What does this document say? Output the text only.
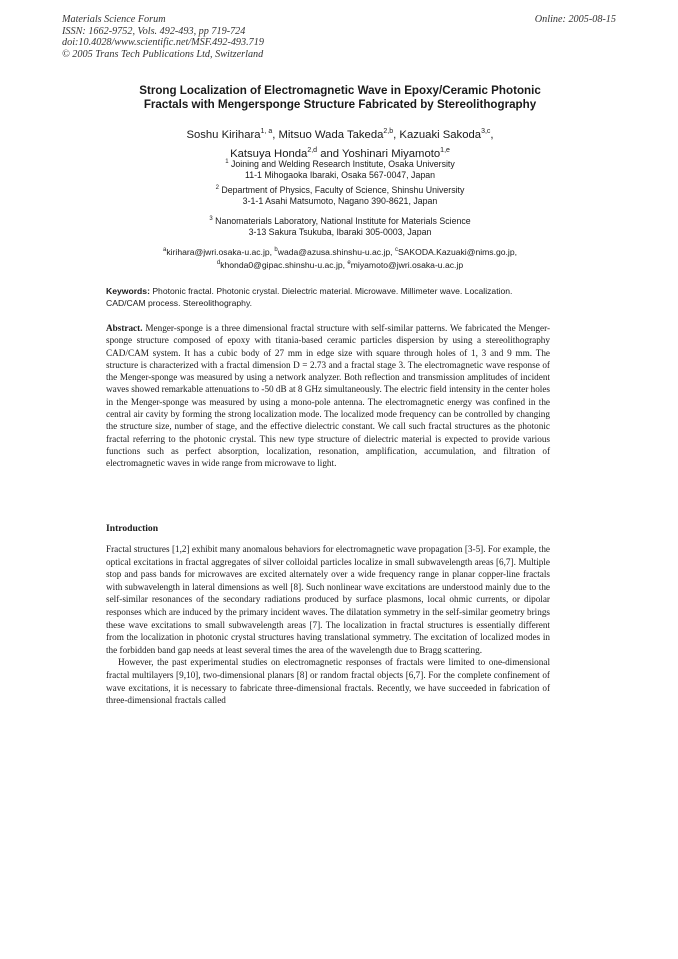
Materials Science Forum
ISSN: 1662-9752, Vols. 492-493, pp 719-724
doi:10.4028/www.scientific.net/MSF.492-493.719
© 2005 Trans Tech Publications Ltd, Switzerland
Online: 2005-08-15
Strong Localization of Electromagnetic Wave in Epoxy/Ceramic Photonic
Fractals with Mengersponge Structure Fabricated by Stereolithography
Soshu Kirihara$^{1, a}$, Mitsuo Wada Takeda$^{2,b}$, Kazuaki Sakoda$^{3,c}$,
Katsuya Honda$^{2,d}$ and Yoshinari Miyamoto$^{1,e}$
$^1$ Joining and Welding Research Institute, Osaka University
11-1 Mihogaoka Ibaraki, Osaka 567-0047, Japan
$^2$ Department of Physics, Faculty of Science, Shinshu University
3-1-1 Asahi Matsumoto, Nagano 390-8621, Japan
$^3$ Nanomaterials Laboratory, National Institute for Materials Science
3-13 Sakura Tsukuba, Ibaraki 305-0003, Japan
$^a$kirihara@jwri.osaka-u.ac.jp, $^b$wada@azusa.shinshu-u.ac.jp, $^c$SAKODA.Kazuaki@nims.go.jp,
$^d$khonda0@gipac.shinshu-u.ac.jp, $^e$miyamoto@jwri.osaka-u.ac.jp
Keywords: Photonic fractal. Photonic crystal. Dielectric material. Microwave. Millimeter wave. Localization. CAD/CAM process. Stereolithography.
Abstract. Menger-sponge is a three dimensional fractal structure with self-similar patterns. We fabricated the Menger-sponge structure composed of epoxy with titania-based ceramic particles dispersion by using a stereolithography CAD/CAM system. It has a cubic body of 27 mm in edge size with square through holes of 1, 3 and 9 mm. The structure is characterized with a fractal dimension D = 2.73 and a fractal stage 3. The electromagnetic wave response of the Menger-sponge was measured by using a network analyzer. Both reflection and transmission amplitudes of incident waves showed remarkable attenuations to -50 dB at 8 GHz simultaneously. The electric field intensity in the center holes in the Menger-sponge was measured by using a mono-pole antenna. The electromagnetic energy was confined in the central air cavity by forming the strong localization mode. The localized mode frequency can be controlled by changing the structure size, number of stage, and the effective dielectric constant. We call such fractal structures as the photonic fractal referring to the photonic crystal. This new type structure of dielectric material is expected to provide various functions such as perfect absorption, localization, resonation, amplification, accumulation, and filtration of electromagnetic waves in wide range from microwave to light.
Introduction

Fractal structures [1,2] exhibit many anomalous behaviors for electromagnetic wave propagation [3-5]. For example, the optical excitations in fractal aggregates of silver colloidal particles localize in small subwavelength areas [6,7]. Multiple stop and pass bands for microwaves are excited alternately over a wide frequency range in planar copper-line fractals with subwavelength in lateral dimensions as well [8]. Such nonlinear wave excitations are understood mainly due to the self-similar resonances of the secondary radiations produced by surface plasmons, local ohmic currents, or dipolar responses which are induced by the primary incident waves. The dilatation symmetry in the self-similar geometry brings these wave excitations to small subwavelength areas [7]. The localization in fractal structures is essentially different from the localization in photonic crystal structures having translational symmetry. The excitation of localized modes in the forbidden band gap needs at least several times the area of the wavelength due to Bragg scattering.

However, the past experimental studies on electromagnetic responses of fractals were limited to one-dimensional fractal multilayers [9,10], two-dimensional planars [8] or random fractal objects [6,7]. For the complete confinement of wave excitations, it is necessary to fabricate three-dimensional fractals. Recently, we have succeeded in fabrication of three-dimensional fractals called
